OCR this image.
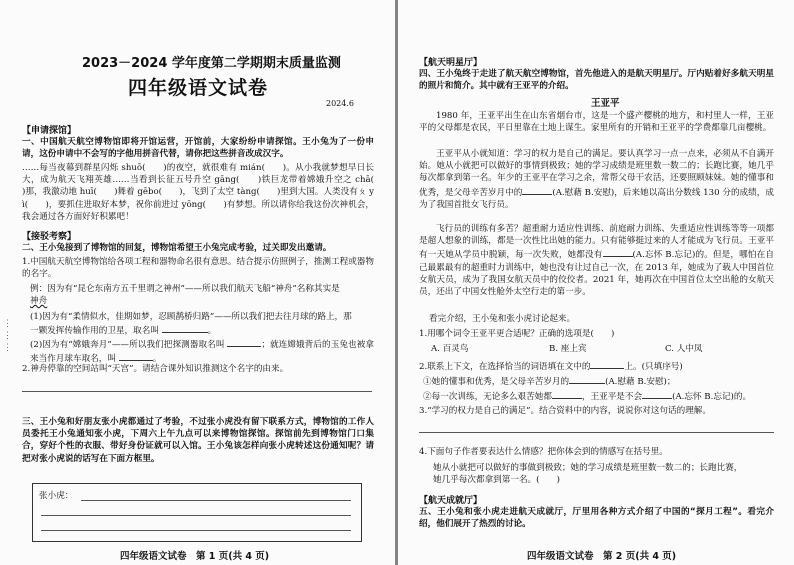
2023－2024 学年度第二学期期末质量监测
四年级语文试卷
2024.6
【申请探馆】
一、中国航天航空博物馆即将开馆运营，开馆前，大家纷纷申请探馆。王小兔为了一份申请，这份申请中不会写的字他用拼音代替，请你把这些拼音改成汉字。
……每当夜幕到群星闪烁 shuō(　　)的夜空，就很难有 mián(　　)。从小我就梦想早日长大，成为航天飞翔英雄……当看到长征五号升空 gāng(　　)铁巨龙带着嫦娥升空之 chā(　　)那，我激动地 huī(　　)舞着 gēbo(　　)，飞到了太空 tàng(　　)里到大国。人类没有ㄆ yì(　　)，要抓住进取好本梦，祝你前进过 yōng(　　)有梦想。所以请你给我这份次神机会，我会通过各方面好好积累吧！
【接驳考察】
二、王小兔接到了博物馆的回复，博物馆希望王小兔完成考验，过关即发出邀请。
1.中国航天航空博物馆给各项工程和器物命名很有意思。结合提示仿照例子，推测工程或器物的名字。
例：因为有“昆仑东南方五千里谓之神州”——所以我们航天飞船“神舟”名称其实是
神舟
(1)因为有“柔情似水，佳期如梦，忍顾鹊桥归路”——所以我们把去往月球的路上，那
一颗发挥传输作用的卫星，取名叫	。
(2)因为有“嫦娥奔月”——所以我们把探测器取名叫	；就连嫦娥背后的玉兔也被拿来当作月球车取名，叫	。
2.神舟停靠的空间站叫“天宫”。请结合课外知识推测这个名字的由来。
三、王小兔和好朋友张小虎都通过了考验，不过张小虎没有留下联系方式，博物馆的工作人员委托王小兔通知张小虎，下周六上午九点可以来博物馆探馆。探馆前先到博物馆门口集合，穿好个性的衣服、带好身份证就可以入馆。王小兔该怎样向张小虎转述这份通知呢？请把对张小虎说的话写在下面方框里。
张小虎：
四年级语文试卷　第 1 页(共 4 页)
⋮
⋮
⋮
【航天明星厅】
四、王小兔终于走进了航天航空博物馆，首先他进入的是航天明星厅。厅内贴着好多航天明星的照片和简介。其中就有王亚平的介绍。
王亚平
1980 年，王亚平出生在山东省烟台市，这是一个盛产樱桃的地方，和村里人一样，王亚平的父母都是农民，平日里靠在土地上谋生。家里所有的开销和王亚平的学费都靠几亩樱桃。
王亚平从小就知道：学习的权力是自己的满足。要认真学习一点一点来，必须从不自满开始。她从小就把可以做好的事情到极致；她的学习成绩是班里数一数二的；长跑比赛，她几乎每次都拿到第一名。年少的王亚平在学习之余，常帮父母干农活，还要照顾妹妹。她的懂事和优秀，是父母辛苦岁月中的	(A.慰藉 B.安慰)，后来她以高出分数线 130 分的成绩，成为了我国首批女飞行员。
飞行员的训练有多苦？超重耐力适应性训练、前庭耐力训练、失重适应性训练等等一项都是超人想象的训练，都是一次性比出她的能力。只有能够挺过来的人才能成为飞行员。王亚平有一天她从学员中脱颖，每一次失败，她都没有	(A.忘怀 B.忘记)的。但是，哪怕在自己最累最有的超重时力训练中，她也没有让过自己一次，在 2013 年，她成为了载人中国首位女航天员，成为了我国女航天员中的佼佼者。2021 年，她再次在中国首位太空出舱的女航天员，还出了中国女性舱外太空行走的第一步。
看完介绍，王小兔和张小虎讨论起来。
1.用哪个词令王亚平更合适呢？正确的选项是(　　)
A. 百灵鸟	B. 座上宾	C. 人中凤
2.联系上下文，在选择恰当的词语填在文中的	上。(只填序号)
①她的懂事和优秀，是父母辛苦岁月的	(A.慰藉 B.安慰)；
②每一次训练，无论多么艰苦她都	，王亚平是不会	(A.忘怀 B.忘记)的。
3.“学习的权力是自己的满足”。结合资料中的内容，说说你对这句话的理解。
4.下面句子作者要表达什么情感？把你体会到的情感写在括号里。
她从小就把可以做好的事做到极致；她的学习成绩是班里数一数二的；长跑比赛，
她几乎每次都拿到第一名。(　　)
【航天成就厅】
五、王小兔和张小虎走进航天成就厅，厅里用各种方式介绍了中国的“探月工程”。看完介绍，他们展开了热烈的讨论。
四年级语文试卷　第 2 页(共 4 页)
